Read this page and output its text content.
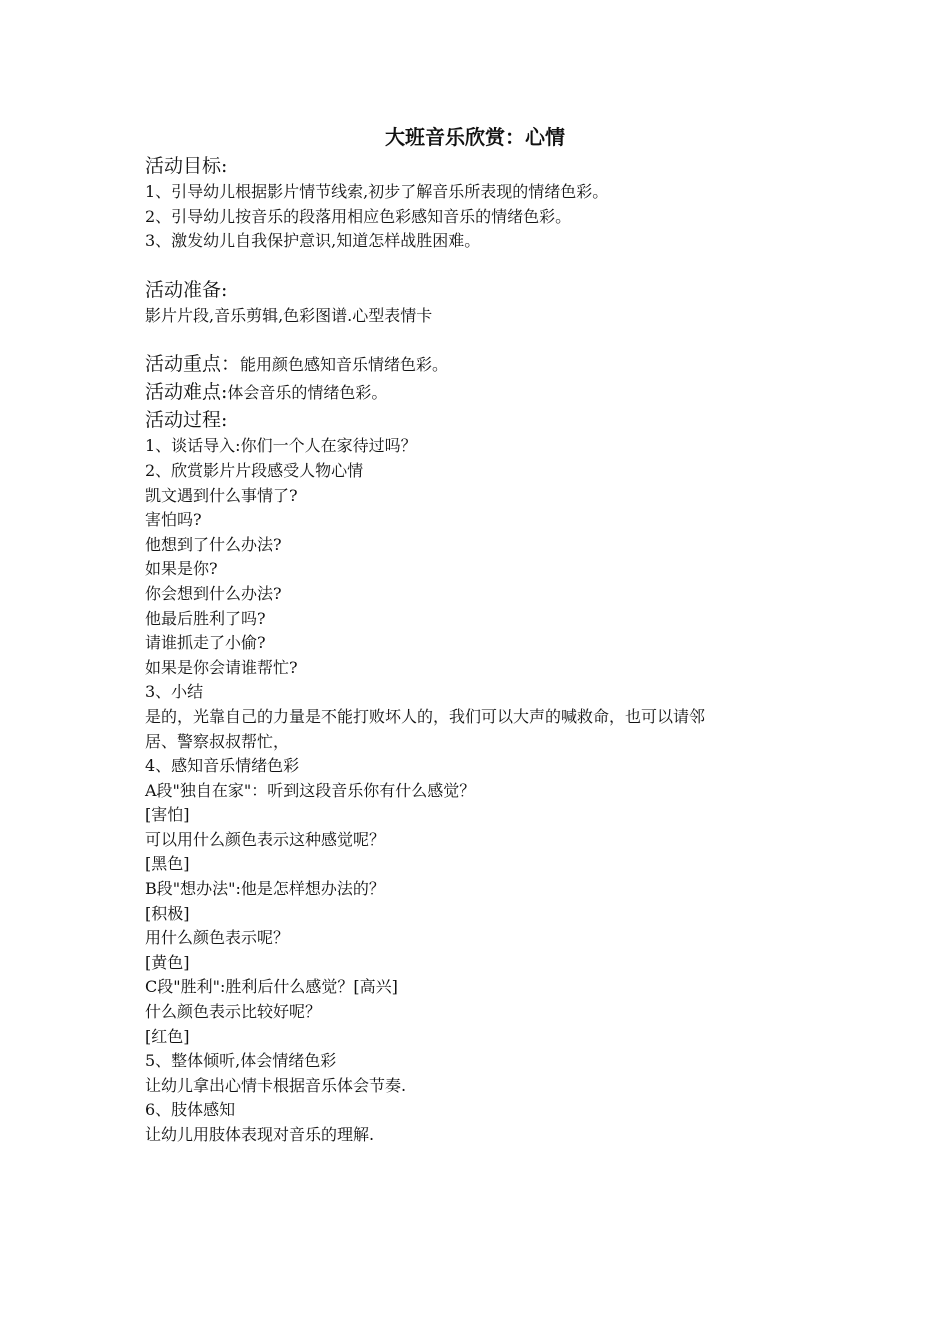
大班音乐欣赏：心情

活动目标:

1、引导幼儿根据影片情节线索,初步了解音乐所表现的情绪色彩。

2、引导幼儿按音乐的段落用相应色彩感知音乐的情绪色彩。

3、激发幼儿自我保护意识,知道怎样战胜困难。

活动准备:

影片片段,音乐剪辑,色彩图谱.心型表情卡

活动重点：能用颜色感知音乐情绪色彩。

活动难点:体会音乐的情绪色彩。

活动过程:

1、谈话导入:你们一个人在家待过吗？

2、欣赏影片片段感受人物心情

凯文遇到什么事情了?

害怕吗?

他想到了什么办法?

如果是你?

你会想到什么办法?

他最后胜利了吗?

请谁抓走了小偷?

如果是你会请谁帮忙?

3、小结

是的，光靠自己的力量是不能打败坏人的，我们可以大声的喊救命，也可以请邻

居、警察叔叔帮忙，

4、感知音乐情绪色彩

A段"独自在家"：听到这段音乐你有什么感觉？

[害怕]

可以用什么颜色表示这种感觉呢？

[黑色]

B段"想办法":他是怎样想办法的？

[积极]

用什么颜色表示呢？

[黄色]

C段"胜利":胜利后什么感觉？[高兴]

什么颜色表示比较好呢？

[红色]

5、整体倾听,体会情绪色彩

让幼儿拿出心情卡根据音乐体会节奏.

6、肢体感知

让幼儿用肢体表现对音乐的理解.
